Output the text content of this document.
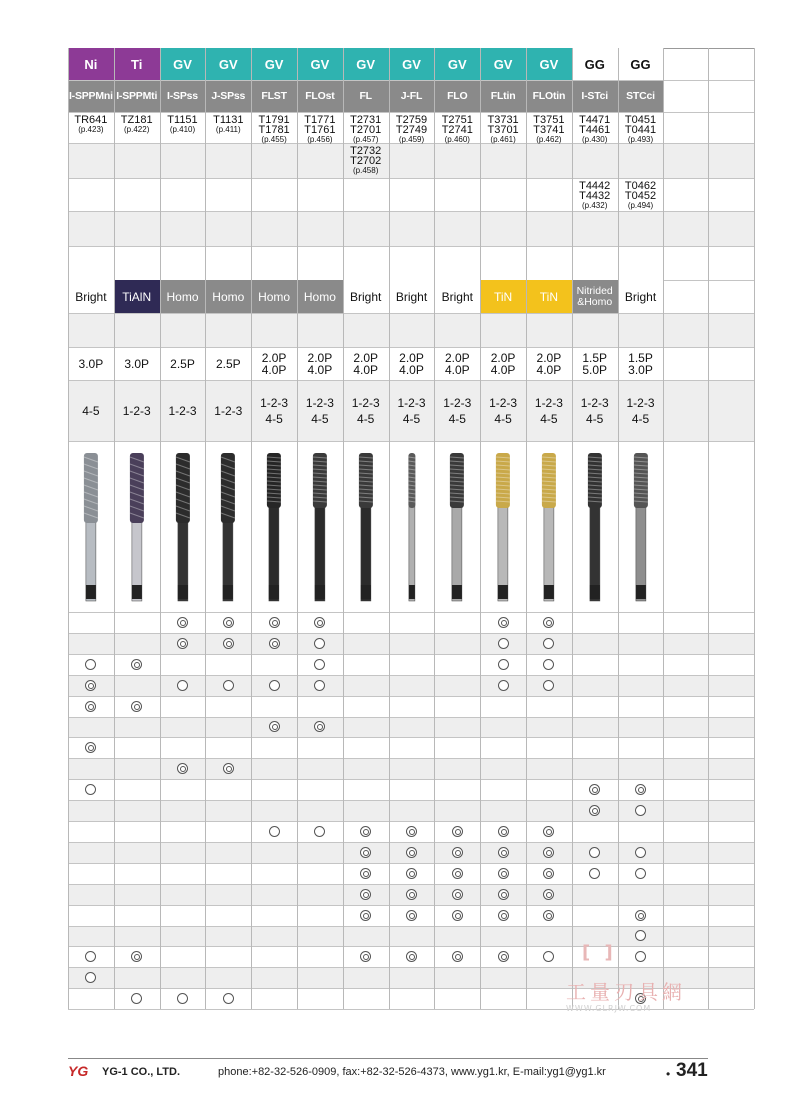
Ni
I-SPPMni
TR641
(p.423)
Bright
3.0P
4-5
Ti
I-SPPMti
TZ181
(p.422)
TiAlN
3.0P
1-2-3
GV
I-SPss
T1151
(p.410)
Homo
2.5P
1-2-3
GV
J-SPss
T1131
(p.411)
Homo
2.5P
1-2-3
GV
FLST
T1791
T1781
(p.455)
Homo
2.0P
4.0P
1-2-3
4-5
GV
FLOst
T1771
T1761
(p.456)
Homo
2.0P
4.0P
1-2-3
4-5
GV
FL
T2731
T2701
(p.457)
T2732
T2702
(p.458)
Bright
2.0P
4.0P
1-2-3
4-5
GV
J-FL
T2759
T2749
(p.459)
Bright
2.0P
4.0P
1-2-3
4-5
GV
FLO
T2751
T2741
(p.460)
Bright
2.0P
4.0P
1-2-3
4-5
GV
FLtin
T3731
T3701
(p.461)
TiN
2.0P
4.0P
1-2-3
4-5
GV
FLOtin
T3751
T3741
(p.462)
TiN
2.0P
4.0P
1-2-3
4-5
GG
I-STci
T4471
T4461
(p.430)
T4442
T4432
(p.432)
Nitrided &Homo
1.5P
5.0P
1-2-3
4-5
GG
STCci
T0451
T0441
(p.493)
T0462
T0452
(p.494)
Bright
1.5P
3.0P
1-2-3
4-5
[ ]
工量刃具網
WWW.GLRJW.COM
YG YG-1 CO., LTD.	phone:+82-32-526-0909, fax:+82-32-526-4373, www.yg1.kr, E-mail:yg1@yg1.kr	• 341
